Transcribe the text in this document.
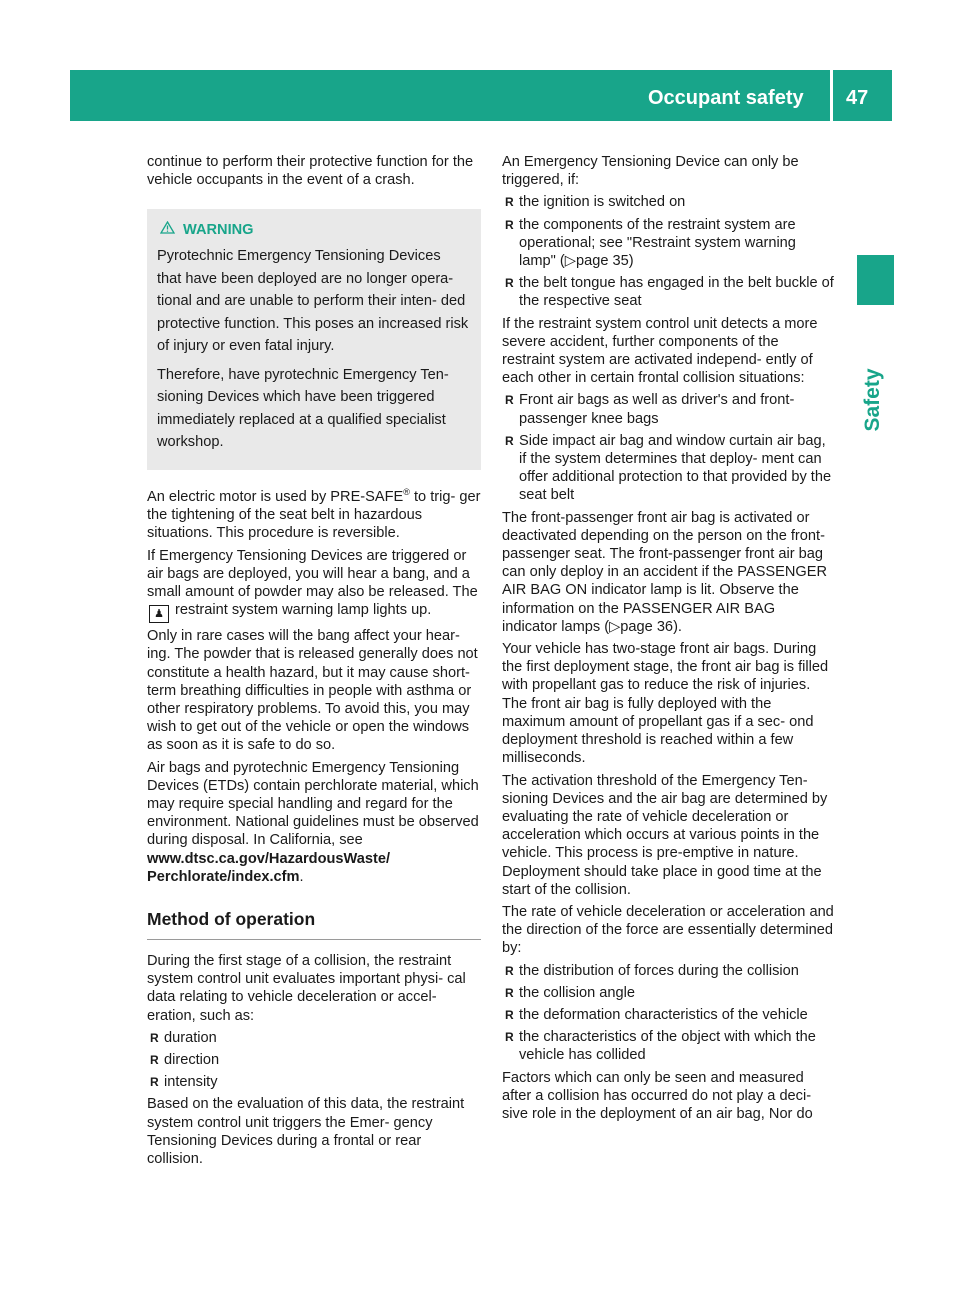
Occupant safety 47
Safety

continue to perform their protective function for the vehicle occupants in the event of a crash.

WARNING

Pyrotechnic Emergency Tensioning Devices that have been deployed are no longer opera- tional and are unable to perform their inten- ded protective function. This poses an increased risk of injury or even fatal injury.

Therefore, have pyrotechnic Emergency Ten- sioning Devices which have been triggered immediately replaced at a qualified specialist workshop.

An electric motor is used by PRE-SAFE® to trig- ger the tightening of the seat belt in hazardous situations. This procedure is reversible.

If Emergency Tensioning Devices are triggered or air bags are deployed, you will hear a bang, and a small amount of powder may also be released. The ♟ restraint system warning lamp lights up.

Only in rare cases will the bang affect your hear- ing. The powder that is released generally does not constitute a health hazard, but it may cause short-term breathing difficulties in people with asthma or other respiratory problems. To avoid this, you may wish to get out of the vehicle or open the windows as soon as it is safe to do so.

Air bags and pyrotechnic Emergency Tensioning Devices (ETDs) contain perchlorate material, which may require special handling and regard for the environment. National guidelines must be observed during disposal. In California, see www.dtsc.ca.gov/HazardousWaste/ Perchlorate/index.cfm.

Method of operation

During the first stage of a collision, the restraint system control unit evaluates important physi- cal data relating to vehicle deceleration or accel- eration, such as:

R duration
R direction
R intensity

Based on the evaluation of this data, the restraint system control unit triggers the Emer- gency Tensioning Devices during a frontal or rear collision.

An Emergency Tensioning Device can only be triggered, if:

R the ignition is switched on
R the components of the restraint system are operational; see "Restraint system warning lamp" (▷page 35)
R the belt tongue has engaged in the belt buckle of the respective seat

If the restraint system control unit detects a more severe accident, further components of the restraint system are activated independ- ently of each other in certain frontal collision situations:

R Front air bags as well as driver's and front- passenger knee bags
R Side impact air bag and window curtain air bag, if the system determines that deploy- ment can offer additional protection to that provided by the seat belt

The front-passenger front air bag is activated or deactivated depending on the person on the front-passenger seat. The front-passenger front air bag can only deploy in an accident if the PASSENGER AIR BAG ON indicator lamp is lit. Observe the information on the PASSENGER AIR BAG indicator lamps (▷page 36).

Your vehicle has two-stage front air bags. During the first deployment stage, the front air bag is filled with propellant gas to reduce the risk of injuries. The front air bag is fully deployed with the maximum amount of propellant gas if a sec- ond deployment threshold is reached within a few milliseconds.

The activation threshold of the Emergency Ten- sioning Devices and the air bag are determined by evaluating the rate of vehicle deceleration or acceleration which occurs at various points in the vehicle. This process is pre-emptive in nature. Deployment should take place in good time at the start of the collision.

The rate of vehicle deceleration or acceleration and the direction of the force are essentially determined by:

R the distribution of forces during the collision
R the collision angle
R the deformation characteristics of the vehicle
R the characteristics of the object with which the vehicle has collided

Factors which can only be seen and measured after a collision has occurred do not play a deci- sive role in the deployment of an air bag, Nor do
